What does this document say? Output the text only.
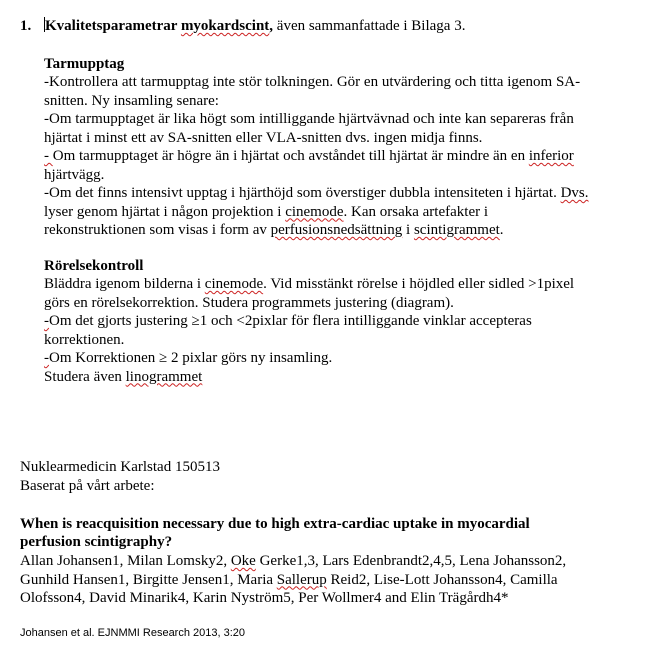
1. Kvalitetsparametrar myokardscint, även sammanfattade i Bilaga 3.
Tarmupptag
-Kontrollera att tarmupptag inte stör tolkningen. Gör en utvärdering och titta igenom SA-
snitten. Ny insamling senare:
-Om tarmupptaget är lika högt som intilliggande hjärtvävnad och inte kan separeras från
hjärtat i minst ett av SA-snitten eller VLA-snitten dvs. ingen midja finns.
- Om tarmupptaget är högre än i hjärtat och avståndet till hjärtat är mindre än en inferior
hjärtvägg.
-Om det finns intensivt upptag i hjärthöjd som överstiger dubbla intensiteten i hjärtat. Dvs.
lyser genom hjärtat i någon projektion i cinemode. Kan orsaka artefakter i
rekonstruktionen som visas i form av perfusionsnedsättning i scintigrammet.
Rörelsekontroll
Bläddra igenom bilderna i cinemode. Vid misstänkt rörelse i höjdled eller sidled >1pixel
görs en rörelsekorrektion. Studera programmets justering (diagram).
-Om det gjorts justering ≥1 och <2pixlar för flera intilliggande vinklar accepteras
korrektionen.
-Om Korrektionen ≥ 2 pixlar görs ny insamling.
Studera även linogrammet
Nuklearmedicin Karlstad 150513
Baserat på vårt arbete:
When is reacquisition necessary due to high extra-cardiac uptake in myocardial
perfusion scintigraphy?
Allan Johansen1, Milan Lomsky2, Oke Gerke1,3, Lars Edenbrandt2,4,5, Lena Johansson2,
Gunhild Hansen1, Birgitte Jensen1, Maria Sallerup Reid2, Lise-Lott Johansson4, Camilla
Olofsson4, David Minarik4, Karin Nyström5, Per Wollmer4 and Elin Trägårdh4*
Johansen et al. EJNMMI Research 2013, 3:20
